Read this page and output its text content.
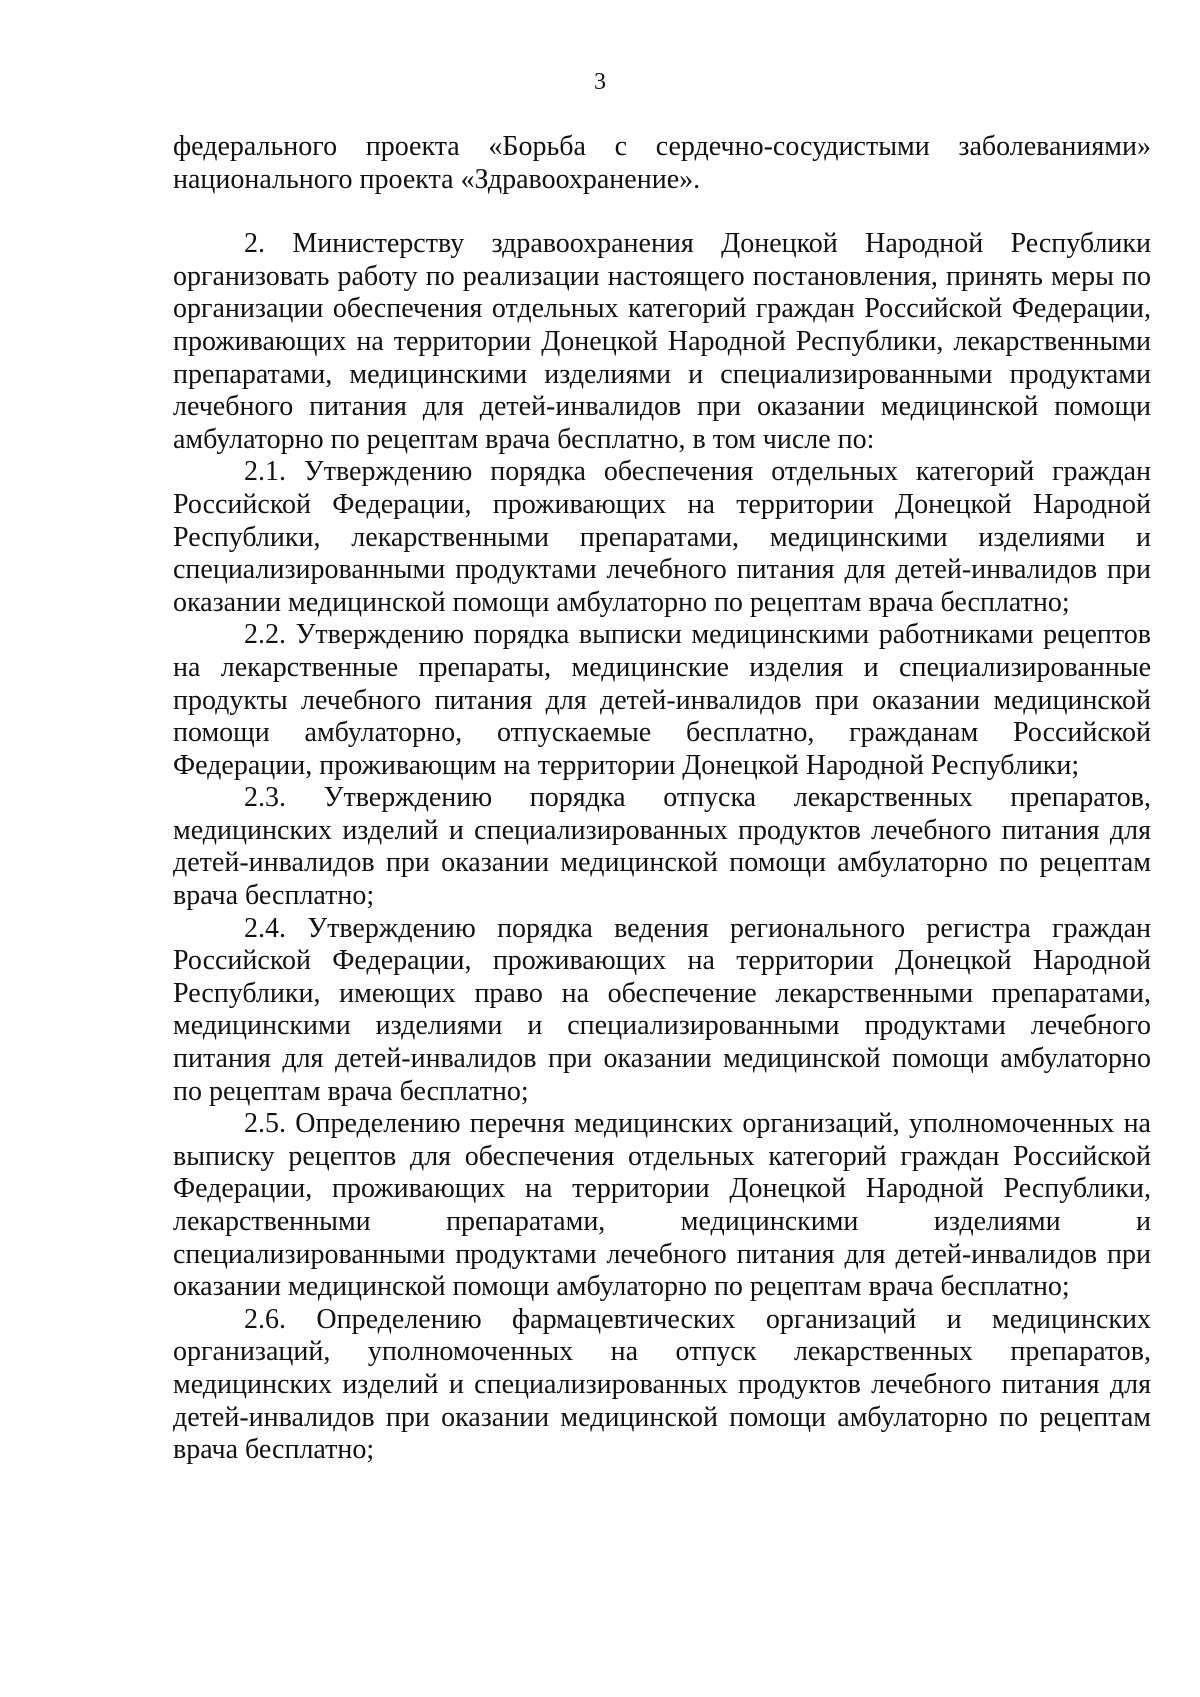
3

федерального проекта «Борьба с сердечно-сосудистыми заболеваниями» национального проекта «Здравоохранение».

2. Министерству здравоохранения Донецкой Народной Республики организовать работу по реализации настоящего постановления, принять меры по организации обеспечения отдельных категорий граждан Российской Федерации, проживающих на территории Донецкой Народной Республики, лекарственными препаратами, медицинскими изделиями и специализированными продуктами лечебного питания для детей-инвалидов при оказании медицинской помощи амбулаторно по рецептам врача бесплатно, в том числе по:

2.1. Утверждению порядка обеспечения отдельных категорий граждан Российской Федерации, проживающих на территории Донецкой Народной Республики, лекарственными препаратами, медицинскими изделиями и специализированными продуктами лечебного питания для детей-инвалидов при оказании медицинской помощи амбулаторно по рецептам врача бесплатно;

2.2. Утверждению порядка выписки медицинскими работниками рецептов на лекарственные препараты, медицинские изделия и специализированные продукты лечебного питания для детей-инвалидов при оказании медицинской помощи амбулаторно, отпускаемые бесплатно, гражданам Российской Федерации, проживающим на территории Донецкой Народной Республики;

2.3. Утверждению порядка отпуска лекарственных препаратов, медицинских изделий и специализированных продуктов лечебного питания для детей-инвалидов при оказании медицинской помощи амбулаторно по рецептам врача бесплатно;

2.4. Утверждению порядка ведения регионального регистра граждан Российской Федерации, проживающих на территории Донецкой Народной Республики, имеющих право на обеспечение лекарственными препаратами, медицинскими изделиями и специализированными продуктами лечебного питания для детей-инвалидов при оказании медицинской помощи амбулаторно по рецептам врача бесплатно;

2.5. Определению перечня медицинских организаций, уполномоченных на выписку рецептов для обеспечения отдельных категорий граждан Российской Федерации, проживающих на территории Донецкой Народной Республики, лекарственными препаратами, медицинскими изделиями и специализированными продуктами лечебного питания для детей-инвалидов при оказании медицинской помощи амбулаторно по рецептам врача бесплатно;

2.6. Определению фармацевтических организаций и медицинских организаций, уполномоченных на отпуск лекарственных препаратов, медицинских изделий и специализированных продуктов лечебного питания для детей-инвалидов при оказании медицинской помощи амбулаторно по рецептам врача бесплатно;
